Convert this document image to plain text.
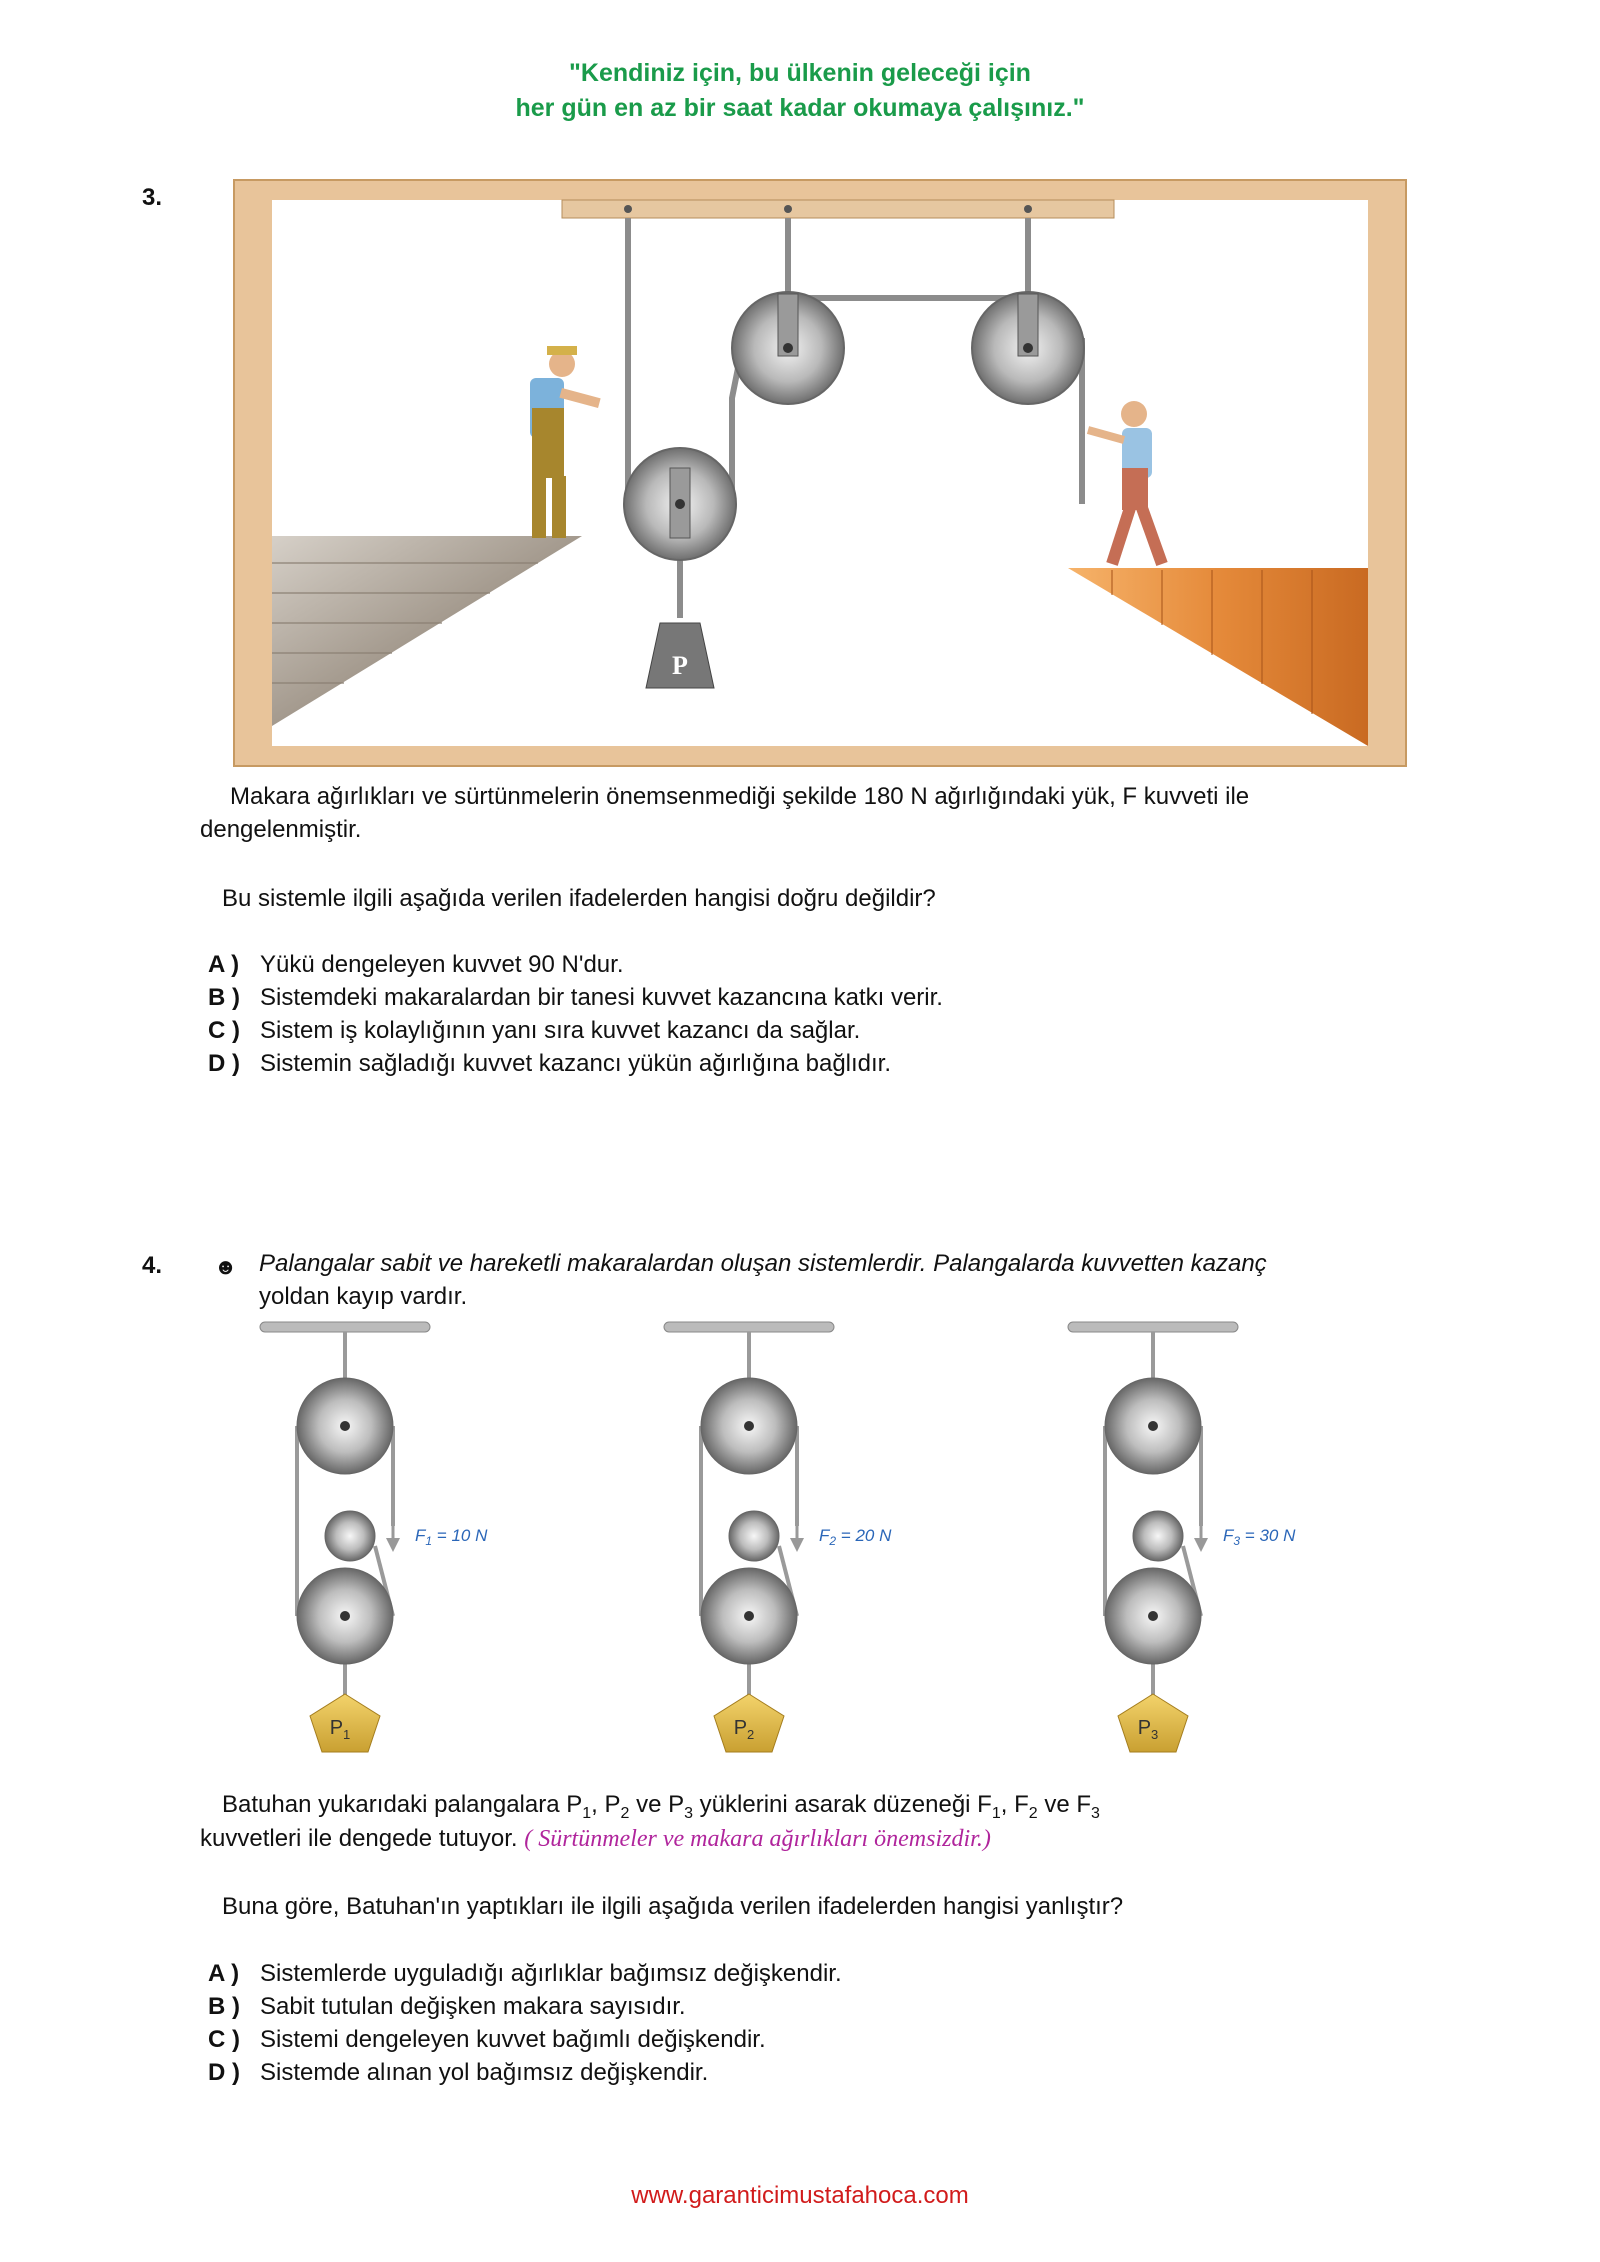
"Kendiniz için, bu ülkenin geleceği için
her gün en az bir saat kadar okumaya çalışınız."
3.
P
Makara ağırlıkları ve sürtünmelerin önemsenmediği şekilde 180 N ağırlığındaki yük, F kuvveti ile
dengelenmiştir.
Bu sistemle ilgili aşağıda verilen ifadelerden hangisi doğru değildir?
A ) Yükü dengeleyen kuvvet 90 N'dur.
B ) Sistemdeki makaralardan bir tanesi kuvvet kazancına katkı verir.
C ) Sistem iş kolaylığının yanı sıra kuvvet kazancı da sağlar.
D ) Sistemin sağladığı kuvvet kazancı yükün ağırlığına bağlıdır.
4. ☻ Palangalar sabit ve hareketli makaralardan oluşan sistemlerdir. Palangalarda kuvvetten kazanç
yoldan kayıp vardır.
$F_1 = 10$ N	$F_2 = 20$ N	$F_3 = 30$ N
$P_1$	$P_2$	$P_3$
Batuhan yukarıdaki palangalara $P_1$, $P_2$ ve $P_3$ yüklerini asarak düzeneği $F_1$, $F_2$ ve $F_3$
kuvvetleri ile dengede tutuyor. ( Sürtünmeler ve makara ağırlıkları önemsizdir.)
Buna göre, Batuhan'ın yaptıkları ile ilgili aşağıda verilen ifadelerden hangisi yanlıştır?
A ) Sistemlerde uyguladığı ağırlıklar bağımsız değişkendir.
B ) Sabit tutulan değişken makara sayısıdır.
C ) Sistemi dengeleyen kuvvet bağımlı değişkendir.
D ) Sistemde alınan yol bağımsız değişkendir.
www.garanticimustafahoca.com
